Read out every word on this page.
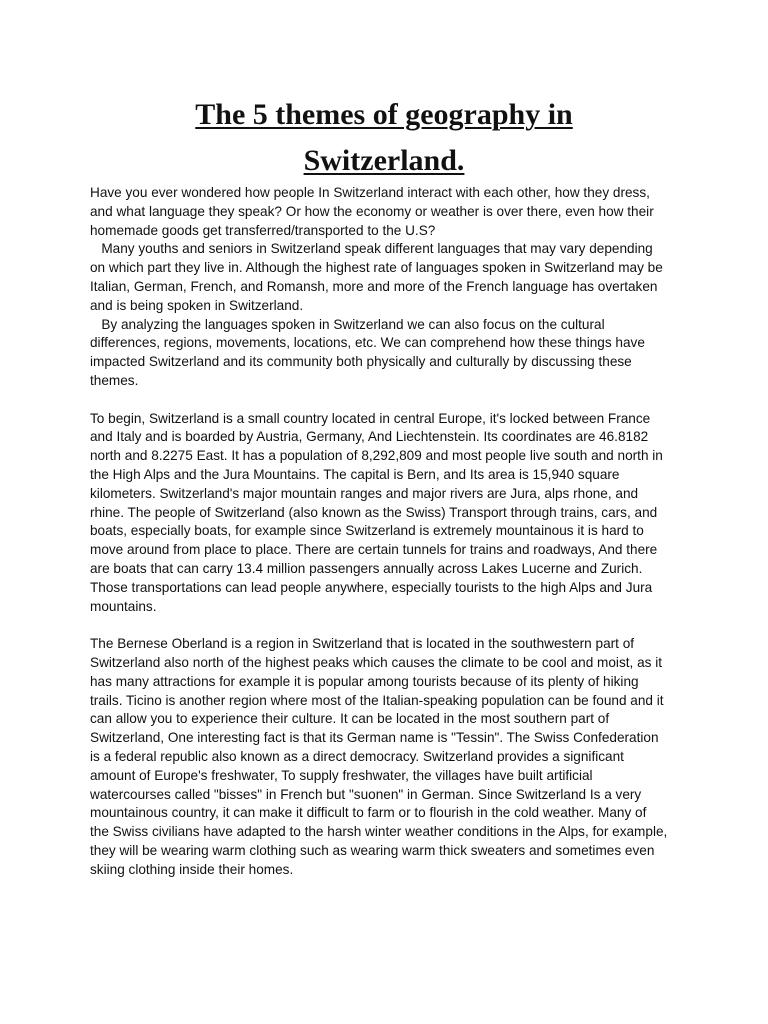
The 5 themes of geography in
Switzerland.
Have you ever wondered how people In Switzerland interact with each other, how they dress,
and what language they speak? Or how the economy or weather is over there, even how their
homemade goods get transferred/transported to the U.S?
Many youths and seniors in Switzerland speak different languages that may vary depending
on which part they live in. Although the highest rate of languages spoken in Switzerland may be
Italian, German, French, and Romansh, more and more of the French language has overtaken
and is being spoken in Switzerland.
By analyzing the languages spoken in Switzerland we can also focus on the cultural
differences, regions, movements, locations, etc. We can comprehend how these things have
impacted Switzerland and its community both physically and culturally by discussing these
themes.
To begin, Switzerland is a small country located in central Europe, it's locked between France
and Italy and is boarded by Austria, Germany, And Liechtenstein. Its coordinates are 46.8182
north and 8.2275 East. It has a population of 8,292,809 and most people live south and north in
the High Alps and the Jura Mountains. The capital is Bern, and Its area is 15,940 square
kilometers. Switzerland's major mountain ranges and major rivers are Jura, alps rhone, and
rhine. The people of Switzerland (also known as the Swiss) Transport through trains, cars, and
boats, especially boats, for example since Switzerland is extremely mountainous it is hard to
move around from place to place. There are certain tunnels for trains and roadways, And there
are boats that can carry 13.4 million passengers annually across Lakes Lucerne and Zurich.
Those transportations can lead people anywhere, especially tourists to the high Alps and Jura
mountains.
The Bernese Oberland is a region in Switzerland that is located in the southwestern part of
Switzerland also north of the highest peaks which causes the climate to be cool and moist, as it
has many attractions for example it is popular among tourists because of its plenty of hiking
trails. Ticino is another region where most of the Italian-speaking population can be found and it
can allow you to experience their culture. It can be located in the most southern part of
Switzerland, One interesting fact is that its German name is "Tessin". The Swiss Confederation
is a federal republic also known as a direct democracy. Switzerland provides a significant
amount of Europe's freshwater, To supply freshwater, the villages have built artificial
watercourses called "bisses" in French but "suonen" in German. Since Switzerland Is a very
mountainous country, it can make it difficult to farm or to flourish in the cold weather. Many of
the Swiss civilians have adapted to the harsh winter weather conditions in the Alps, for example,
they will be wearing warm clothing such as wearing warm thick sweaters and sometimes even
skiing clothing inside their homes.
